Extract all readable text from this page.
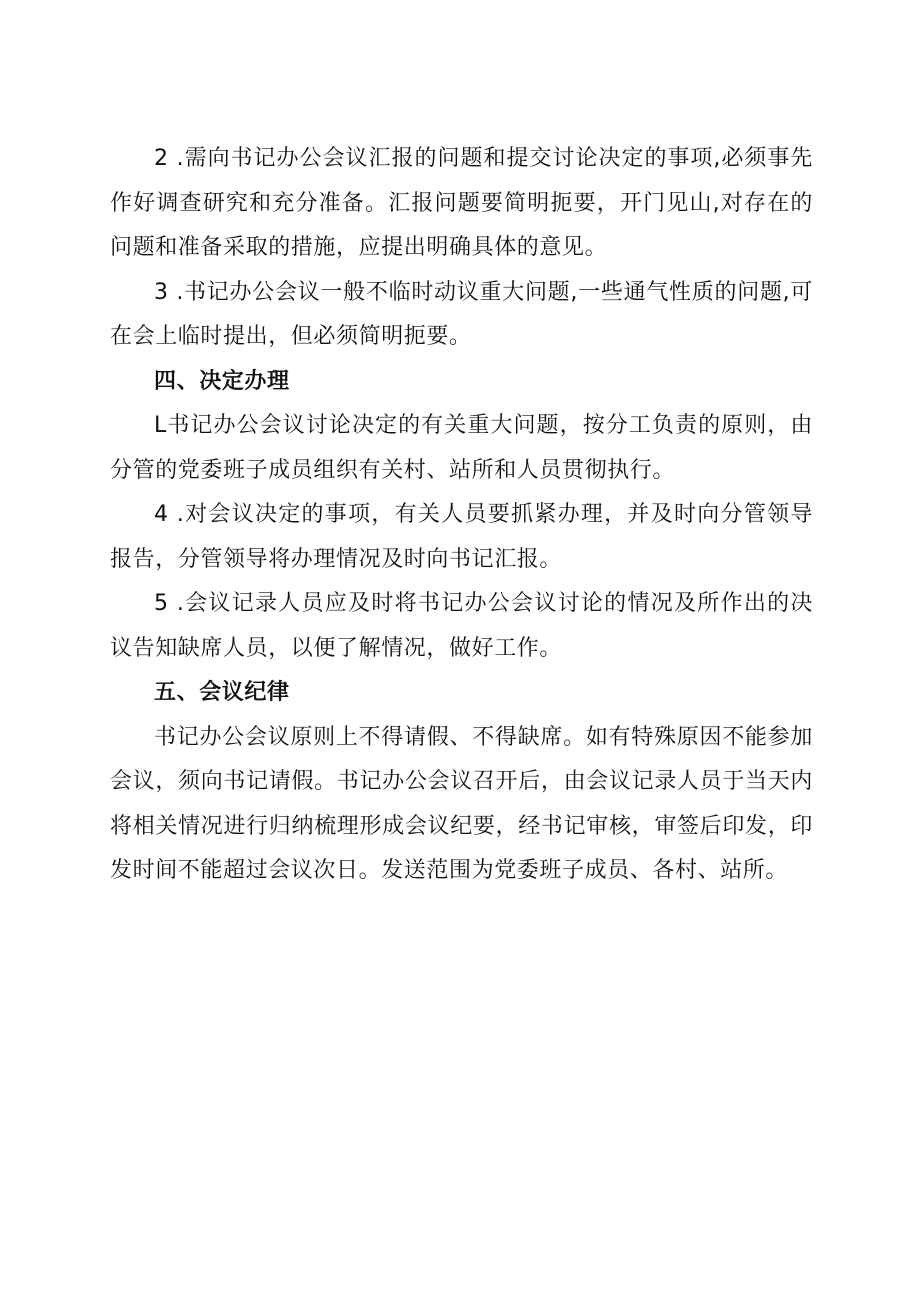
2 .需向书记办公会议汇报的问题和提交讨论决定的事项,必须事先作好调查研究和充分准备。汇报问题要简明扼要，开门见山,对存在的问题和准备采取的措施，应提出明确具体的意见。

3 .书记办公会议一般不临时动议重大问题,一些通气性质的问题,可在会上临时提出，但必须简明扼要。

四、决定办理

L书记办公会议讨论决定的有关重大问题，按分工负责的原则，由分管的党委班子成员组织有关村、站所和人员贯彻执行。

4 .对会议决定的事项，有关人员要抓紧办理，并及时向分管领导报告，分管领导将办理情况及时向书记汇报。

5 .会议记录人员应及时将书记办公会议讨论的情况及所作出的决议告知缺席人员，以便了解情况，做好工作。

五、会议纪律

书记办公会议原则上不得请假、不得缺席。如有特殊原因不能参加会议，须向书记请假。书记办公会议召开后，由会议记录人员于当天内将相关情况进行归纳梳理形成会议纪要，经书记审核，审签后印发，印发时间不能超过会议次日。发送范围为党委班子成员、各村、站所。
